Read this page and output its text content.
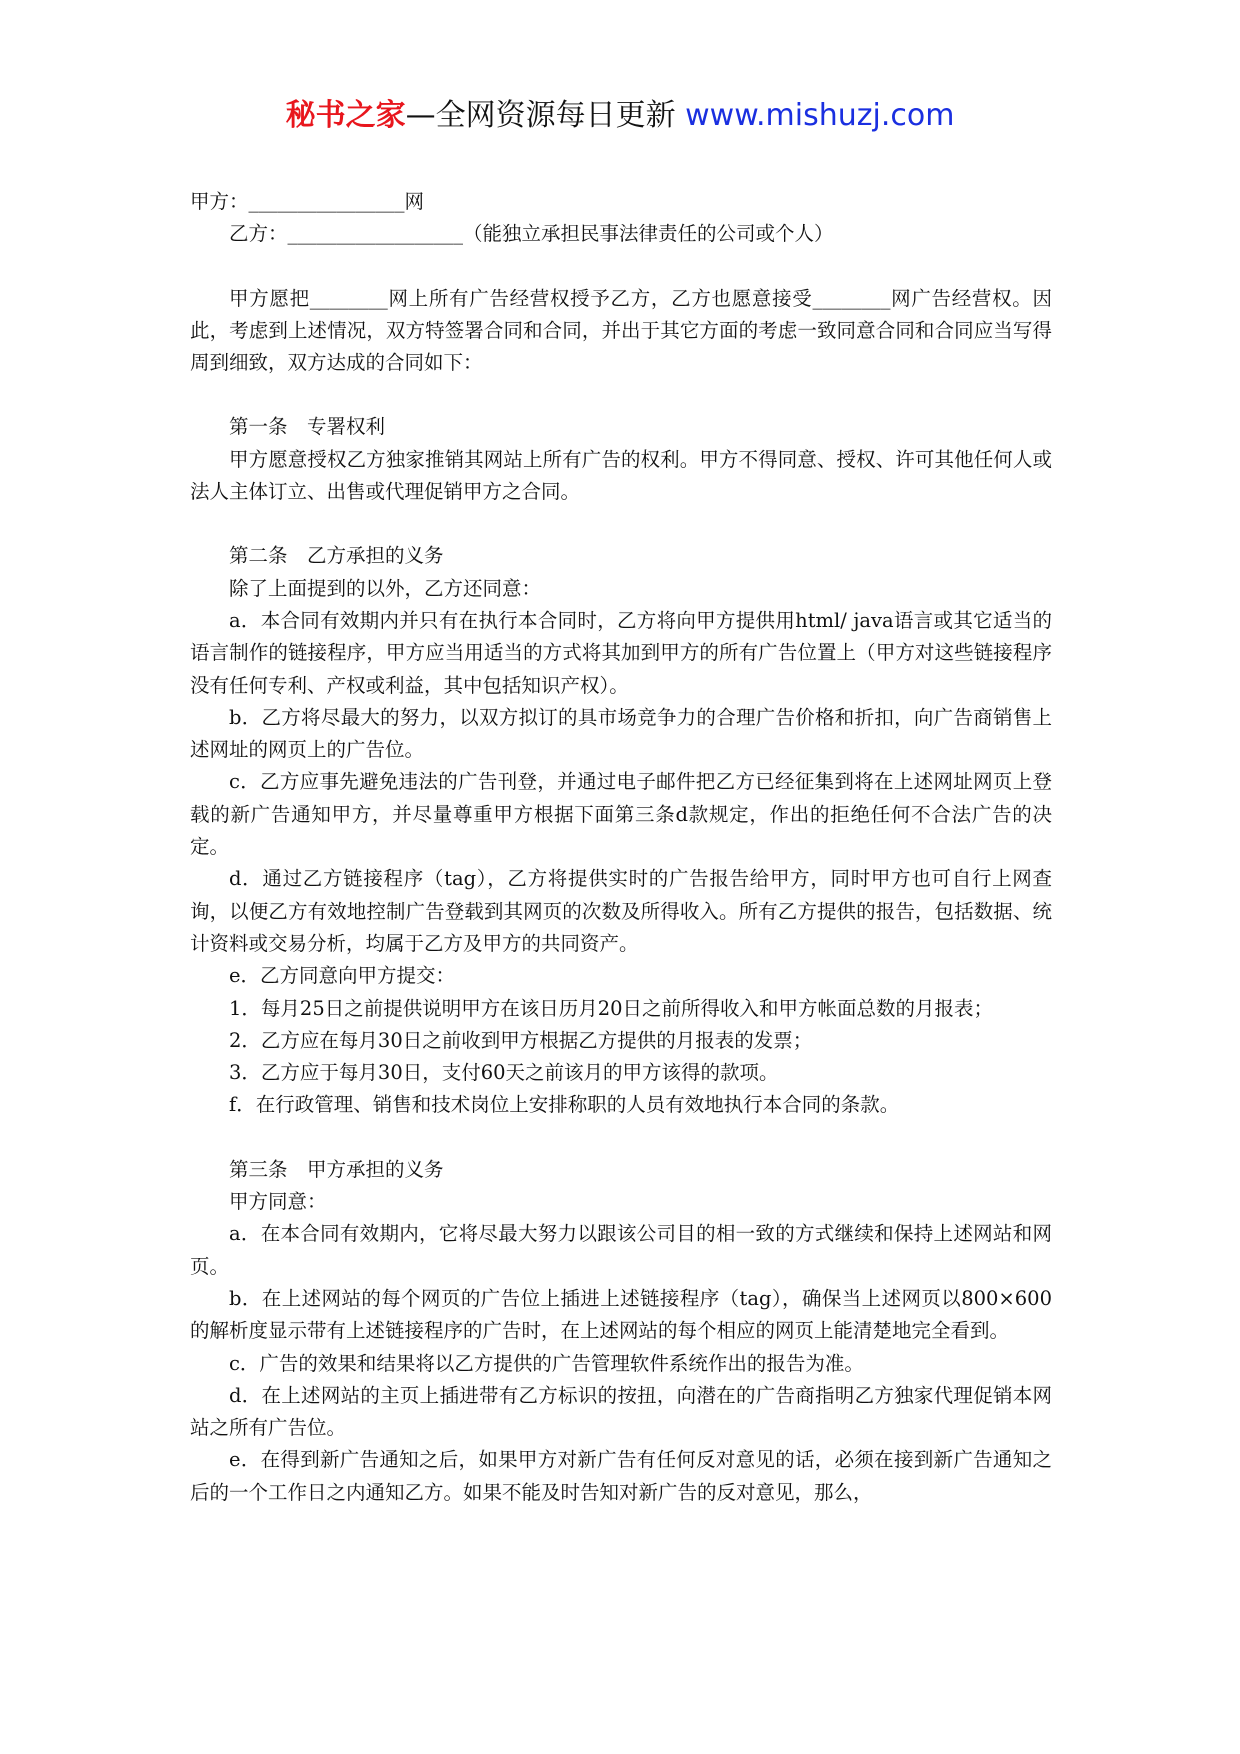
秘书之家—全网资源每日更新 www.mishuzj.com

甲方：________________网

乙方：__________________（能独立承担民事法律责任的公司或个人）

甲方愿把________网上所有广告经营权授予乙方，乙方也愿意接受________网广告经营权。因此，考虑到上述情况，双方特签署合同和合同，并出于其它方面的考虑一致同意合同和合同应当写得周到细致，双方达成的合同如下：

第一条　专署权利

甲方愿意授权乙方独家推销其网站上所有广告的权利。甲方不得同意、授权、许可其他任何人或法人主体订立、出售或代理促销甲方之合同。

第二条　乙方承担的义务

除了上面提到的以外，乙方还同意：

a．本合同有效期内并只有在执行本合同时，乙方将向甲方提供用html/ java语言或其它适当的语言制作的链接程序，甲方应当用适当的方式将其加到甲方的所有广告位置上（甲方对这些链接程序没有任何专利、产权或利益，其中包括知识产权）。

b．乙方将尽最大的努力，以双方拟订的具市场竞争力的合理广告价格和折扣，向广告商销售上述网址的网页上的广告位。

c．乙方应事先避免违法的广告刊登，并通过电子邮件把乙方已经征集到将在上述网址网页上登载的新广告通知甲方，并尽量尊重甲方根据下面第三条d款规定，作出的拒绝任何不合法广告的决定。

d．通过乙方链接程序（tag），乙方将提供实时的广告报告给甲方，同时甲方也可自行上网查询，以便乙方有效地控制广告登载到其网页的次数及所得收入。所有乙方提供的报告，包括数据、统计资料或交易分析，均属于乙方及甲方的共同资产。

e．乙方同意向甲方提交：

1．每月25日之前提供说明甲方在该日历月20日之前所得收入和甲方帐面总数的月报表；

2．乙方应在每月30日之前收到甲方根据乙方提供的月报表的发票；

3．乙方应于每月30日，支付60天之前该月的甲方该得的款项。

f．在行政管理、销售和技术岗位上安排称职的人员有效地执行本合同的条款。

第三条　甲方承担的义务

甲方同意：

a．在本合同有效期内，它将尽最大努力以跟该公司目的相一致的方式继续和保持上述网站和网页。

b．在上述网站的每个网页的广告位上插进上述链接程序（tag），确保当上述网页以800×600的解析度显示带有上述链接程序的广告时，在上述网站的每个相应的网页上能清楚地完全看到。

c．广告的效果和结果将以乙方提供的广告管理软件系统作出的报告为准。

d．在上述网站的主页上插进带有乙方标识的按扭，向潜在的广告商指明乙方独家代理促销本网站之所有广告位。

e．在得到新广告通知之后，如果甲方对新广告有任何反对意见的话，必须在接到新广告通知之后的一个工作日之内通知乙方。如果不能及时告知对新广告的反对意见，那么，
